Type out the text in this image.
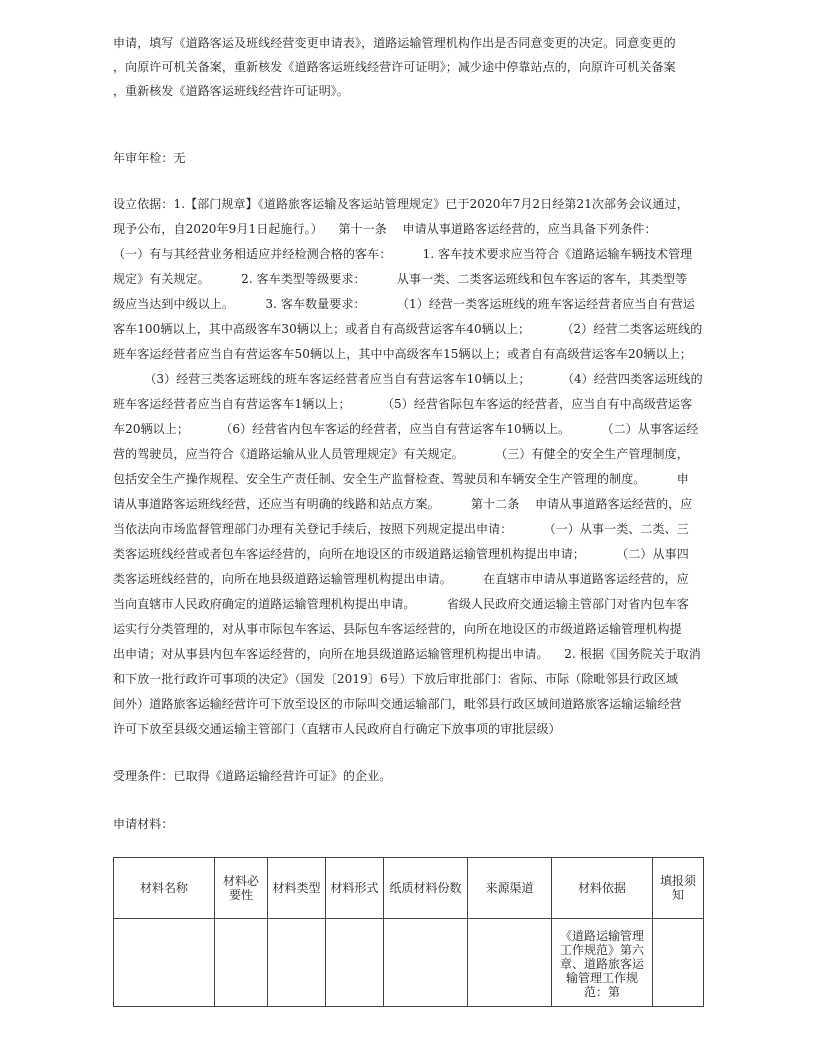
申请，填写《道路客运及班线经营变更申请表》，道路运输管理机构作出是否同意变更的决定。同意变更的
，向原许可机关备案，重新核发《道路客运班线经营许可证明》；减少途中停靠站点的，向原许可机关备案
，重新核发《道路客运班线经营许可证明》。
年审年检：无
设立依据：1.【部门规章】《道路旅客运输及客运站管理规定》已于2020年7月2日经第21次部务会议通过，
现予公布，自2020年9月1日起施行。）    第十一条    申请从事道路客运经营的，应当具备下列条件：
（一）有与其经营业务相适应并经检测合格的客车：        1. 客车技术要求应当符合《道路运输车辆技术管理
规定》有关规定。        2. 客车类型等级要求：        从事一类、二类客运班线和包车客运的客车，其类型等
级应当达到中级以上。        3. 客车数量要求：        （1）经营一类客运班线的班车客运经营者应当自有营运
客车100辆以上，其中高级客车30辆以上；或者自有高级营运客车40辆以上；        （2）经营二类客运班线的
班车客运经营者应当自有营运客车50辆以上，其中中高级客车15辆以上；或者自有高级营运客车20辆以上；
（3）经营三类客运班线的班车客运经营者应当自有营运客车10辆以上；        （4）经营四类客运班线的
班车客运经营者应当自有营运客车1辆以上；        （5）经营省际包车客运的经营者，应当自有中高级营运客
车20辆以上；        （6）经营省内包车客运的经营者，应当自有营运客车10辆以上。        （二）从事客运经
营的驾驶员，应当符合《道路运输从业人员管理规定》有关规定。        （三）有健全的安全生产管理制度，
包括安全生产操作规程、安全生产责任制、安全生产监督检查、驾驶员和车辆安全生产管理的制度。        申
请从事道路客运班线经营，还应当有明确的线路和站点方案。        第十二条    申请从事道路客运经营的，应
当依法向市场监督管理部门办理有关登记手续后，按照下列规定提出申请：        （一）从事一类、二类、三
类客运班线经营或者包车客运经营的，向所在地设区的市级道路运输管理机构提出申请；        （二）从事四
类客运班线经营的，向所在地县级道路运输管理机构提出申请。        在直辖市申请从事道路客运经营的，应
当向直辖市人民政府确定的道路运输管理机构提出申请。        省级人民政府交通运输主管部门对省内包车客
运实行分类管理的，对从事市际包车客运、县际包车客运经营的，向所在地设区的市级道路运输管理机构提
出申请；对从事县内包车客运经营的，向所在地县级道路运输管理机构提出申请。    2. 根据《国务院关于取消
和下放一批行政许可事项的决定》（国发〔2019〕6号）下放后审批部门：省际、市际（除毗邻县行政区域
间外）道路旅客运输经营许可下放至设区的市际叫交通运输部门，毗邻县行政区域间道路旅客运输运输经营
许可下放至县级交通运输主管部门（直辖市人民政府自行确定下放事项的审批层级）
受理条件：已取得《道路运输经营许可证》的企业。
申请材料：
材料名称	材料必要性	材料类型	材料形式	纸质材料份数	来源渠道	材料依据	填报须知
						《道路运输管理工作规范》第六章、道路旅客运输管理工作规范：第	
